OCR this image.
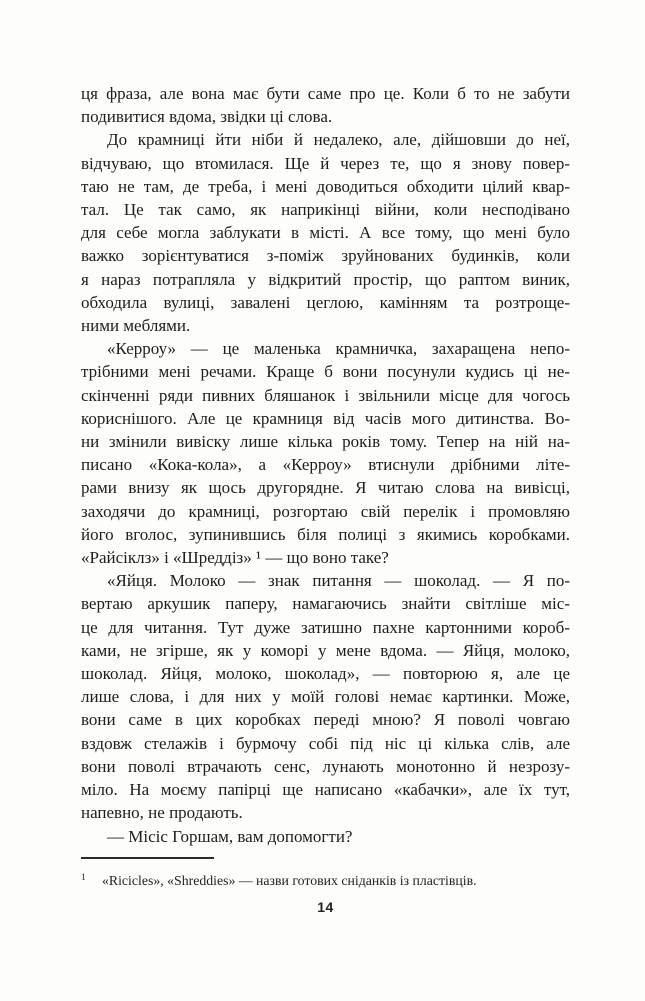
ця фраза, але вона має бути саме про це. Коли б то не забути
подивитися вдома, звідки ці слова.
До крамниці йти ніби й недалеко, але, дійшовши до неї,
відчуваю, що втомилася. Ще й через те, що я знову повер-
таю не там, де треба, і мені доводиться обходити цілий квар-
тал. Це так само, як наприкінці війни, коли несподівано
для себе могла заблукати в місті. А все тому, що мені було
важко зорієнтуватися з-поміж зруйнованих будинків, коли
я нараз потрапляла у відкритий простір, що раптом виник,
обходила вулиці, завалені цеглою, камінням та розтроще-
ними меблями.
«Керроу» — це маленька крамничка, захаращена непо-
трібними мені речами. Краще б вони посунули кудись ці не-
скінченні ряди пивних бляшанок і звільнили місце для чогось
кориснішого. Але це крамниця від часів мого дитинства. Во-
ни змінили вивіску лише кілька років тому. Тепер на ній на-
писано «Кока-кола», а «Керроу» втиснули дрібними літе-
рами внизу як щось другорядне. Я читаю слова на вивісці,
заходячи до крамниці, розгортаю свій перелік і промовляю
його вголос, зупинившись біля полиці з якимись коробками.
«Райсіклз» і «Шреддіз» ¹ — що воно таке?
«Яйця. Молоко — знак питання — шоколад. — Я по-
вертаю аркушик паперу, намагаючись знайти світліше міс-
це для читання. Тут дуже затишно пахне картонними короб-
ками, не згірше, як у коморі у мене вдома. — Яйця, молоко,
шоколад. Яйця, молоко, шоколад», — повторюю я, але це
лише слова, і для них у моїй голові немає картинки. Може,
вони саме в цих коробках переді мною? Я поволі човгаю
вздовж стелажів і бурмочу собі під ніс ці кілька слів, але
вони поволі втрачають сенс, лунають монотонно й незрозу-
міло. На моєму папірці ще написано «кабачки», але їх тут,
напевно, не продають.
— Місіс Горшам, вам допомогти?
1 «Ricicles», «Shreddies» — назви готових сніданків із пластівців.
14
